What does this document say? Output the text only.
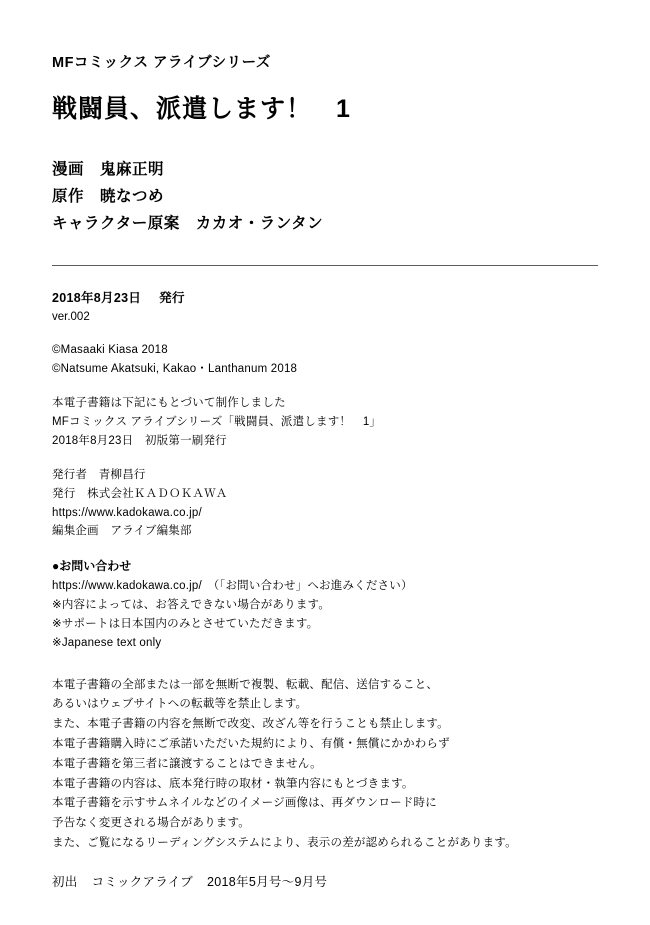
MFコミックス アライブシリーズ
戦闘員、派遣します！ 1
漫画 鬼麻正明
原作 暁なつめ
キャラクター原案 カカオ・ランタン
2018年8月23日 発行
ver.002
©Masaaki Kiasa 2018
©Natsume Akatsuki, Kakao・Lanthanum 2018
本電子書籍は下記にもとづいて制作しました
MFコミックス アライブシリーズ「戦闘員、派遣します！　1」
2018年8月23日　初版第一刷発行
発行者　青柳昌行
発行　株式会社ＫＡＤＯＫＡＷＡ
https://www.kadokawa.co.jp/
編集企画　アライブ編集部
●お問い合わせ
https://www.kadokawa.co.jp/　（「お問い合わせ」へお進みください）
※内容によっては、お答えできない場合があります。
※サポートは日本国内のみとさせていただきます。
※Japanese text only
本電子書籍の全部または一部を無断で複製、転載、配信、送信すること、
あるいはウェブサイトへの転載等を禁止します。
また、本電子書籍の内容を無断で改変、改ざん等を行うことも禁止します。
本電子書籍購入時にご承諾いただいた規約により、有償・無償にかかわらず
本電子書籍を第三者に譲渡することはできません。
本電子書籍の内容は、底本発行時の取材・執筆内容にもとづきます。
本電子書籍を示すサムネイルなどのイメージ画像は、再ダウンロード時に
予告なく変更される場合があります。
また、ご覧になるリーディングシステムにより、表示の差が認められることがあります。
初出 コミックアライブ 2018年5月号～9月号
